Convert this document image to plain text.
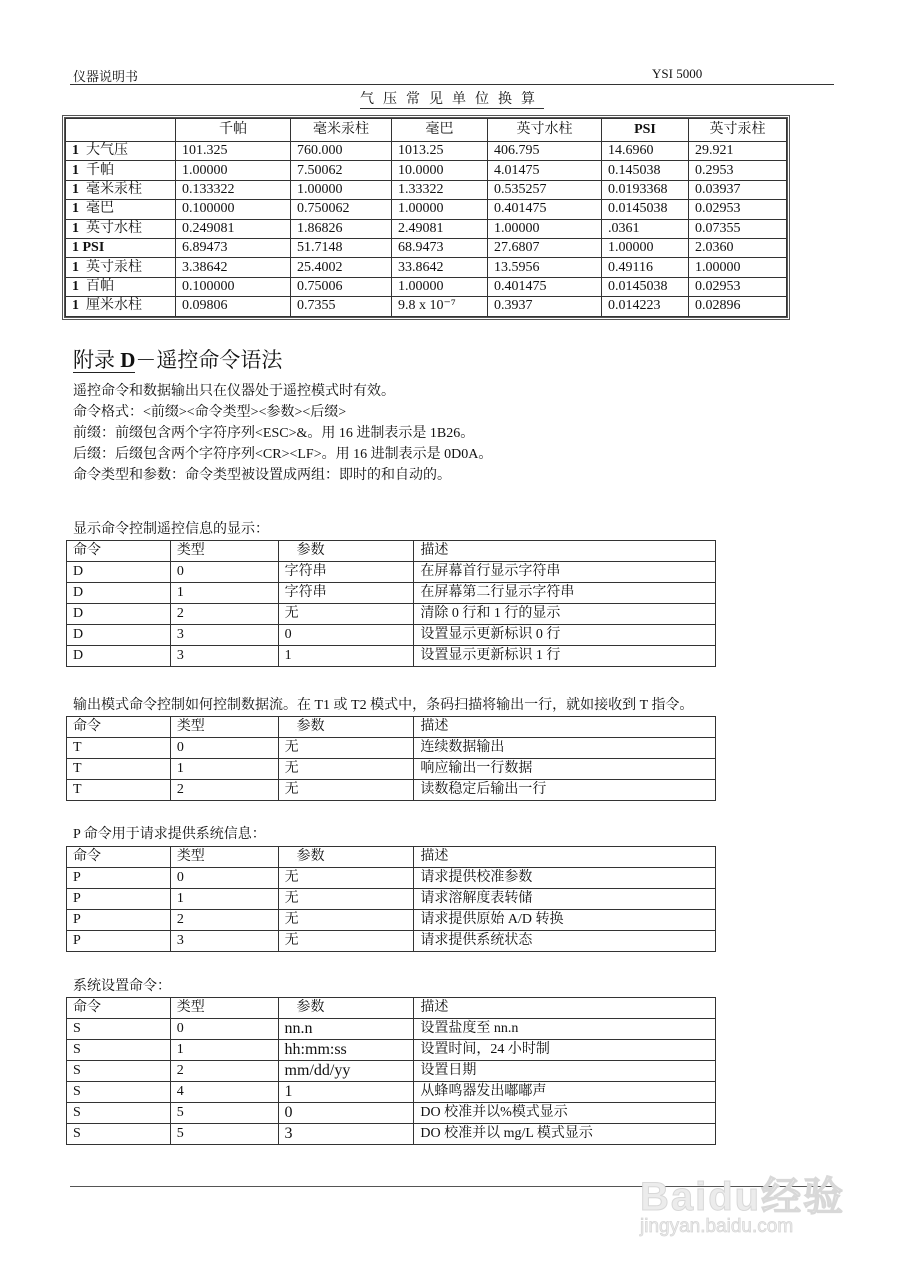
仪器说明书	YSI 5000
气压常见单位换算
	千帕	毫米汞柱	毫巴	英寸水柱	PSI	英寸汞柱
1  大气压	101.325	760.000	1013.25	406.795	14.6960	29.921
1  千帕	1.00000	7.50062	10.0000	4.01475	0.145038	0.2953
1  毫米汞柱	0.133322	1.00000	1.33322	0.535257	0.0193368	0.03937
1  毫巴	0.100000	0.750062	1.00000	0.401475	0.0145038	0.02953
1  英寸水柱	0.249081	1.86826	2.49081	1.00000	.0361	0.07355
1 PSI	6.89473	51.7148	68.9473	27.6807	1.00000	2.0360
1  英寸汞柱	3.38642	25.4002	33.8642	13.5956	0.49116	1.00000
1  百帕	0.100000	0.75006	1.00000	0.401475	0.0145038	0.02953
1  厘米水柱	0.09806	0.7355	9.8 x 10⁻⁷	0.3937	0.014223	0.02896
附录 D－遥控命令语法
遥控命令和数据输出只在仪器处于遥控模式时有效。
命令格式：<前缀><命令类型><参数><后缀>
前缀：前缀包含两个字符序列<ESC>&。用 16 进制表示是 1B26。
后缀：后缀包含两个字符序列<CR><LF>。用 16 进制表示是 0D0A。
命令类型和参数：命令类型被设置成两组：即时的和自动的。
显示命令控制遥控信息的显示：
命令	类型	参数	描述
D	0	字符串	在屏幕首行显示字符串
D	1	字符串	在屏幕第二行显示字符串
D	2	无	清除 0 行和 1 行的显示
D	3	0	设置显示更新标识 0 行
D	3	1	设置显示更新标识 1 行
输出模式命令控制如何控制数据流。在 T1 或 T2 模式中，条码扫描将输出一行，就如接收到 T 指令。
命令	类型	参数	描述
T	0	无	连续数据输出
T	1	无	响应输出一行数据
T	2	无	读数稳定后输出一行
P 命令用于请求提供系统信息：
命令	类型	参数	描述
P	0	无	请求提供校准参数
P	1	无	请求溶解度表转储
P	2	无	请求提供原始 A/D 转换
P	3	无	请求提供系统状态
系统设置命令：
命令	类型	参数	描述
S	0	nn.n	设置盐度至 nn.n
S	1	hh:mm:ss	设置时间，24 小时制
S	2	mm/dd/yy	设置日期
S	4	1	从蜂鸣器发出嘟嘟声
S	5	0	DO 校准并以%模式显示
S	5	3	DO 校准并以 mg/L 模式显示
Baidu经验
jingyan.baidu.com
